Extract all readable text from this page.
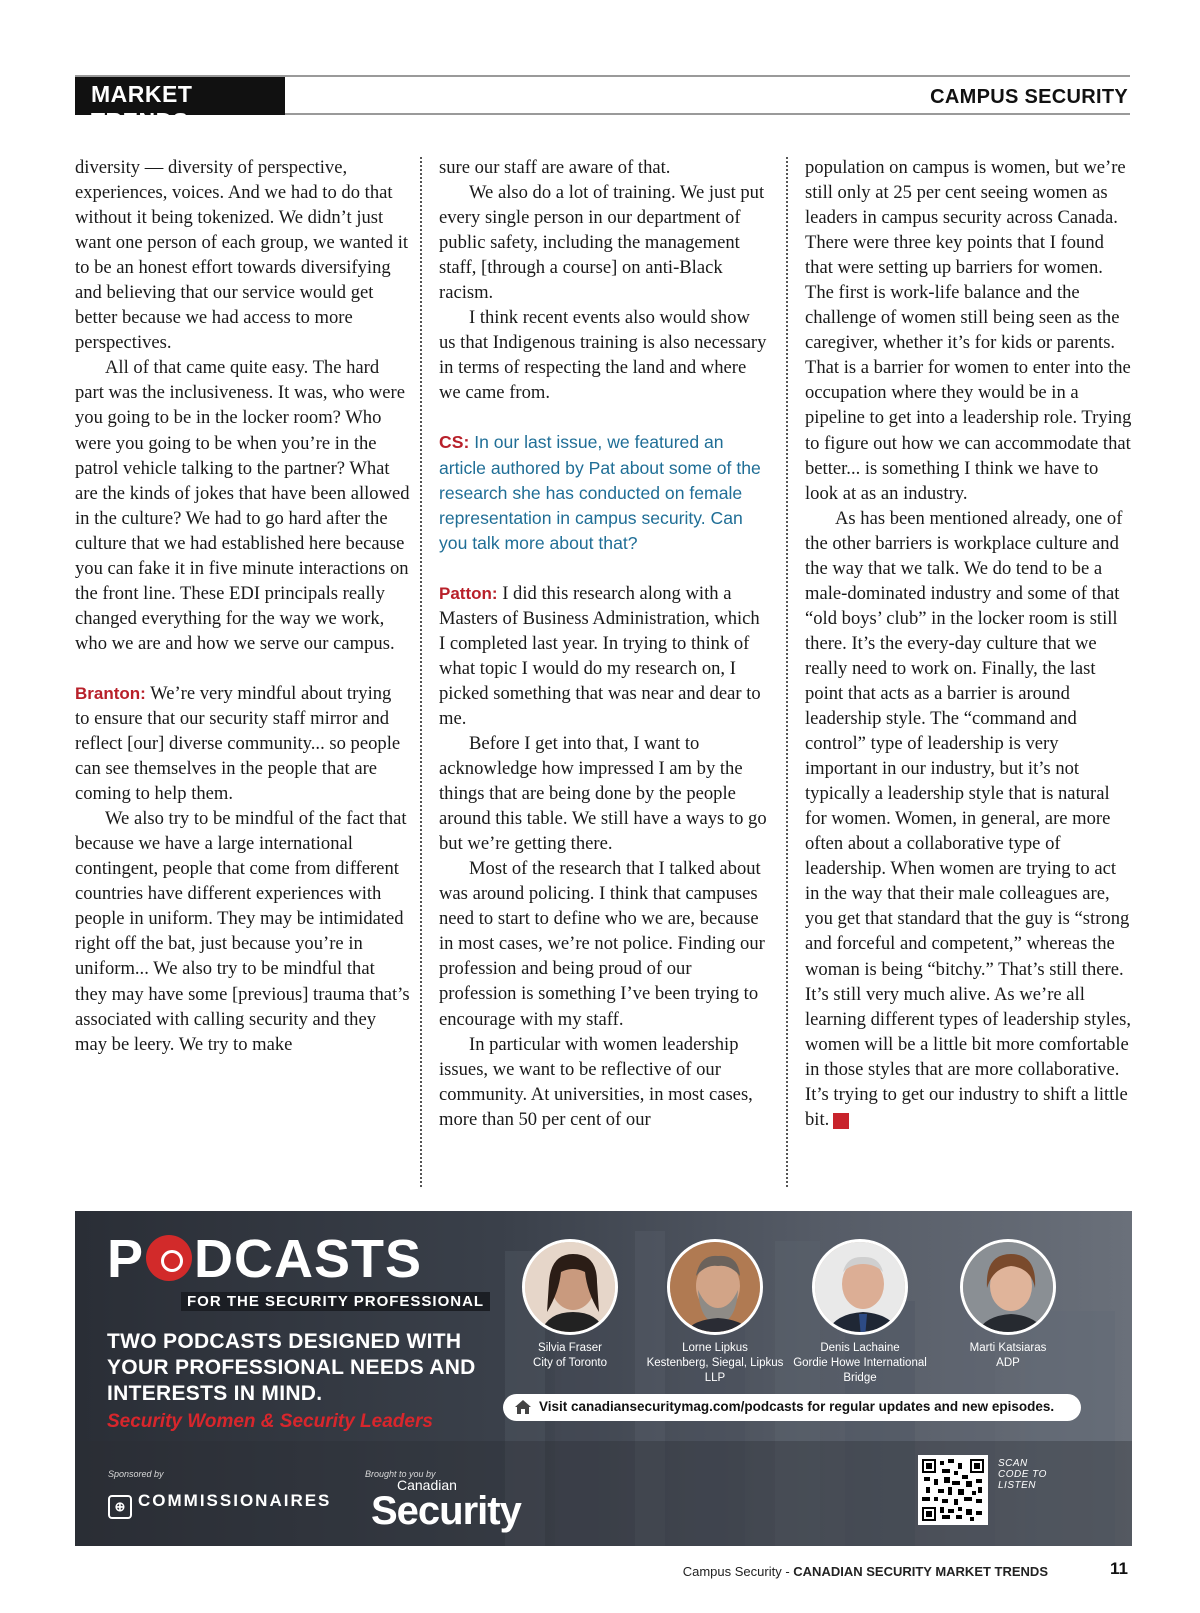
MARKET TRENDS
CAMPUS SECURITY

diversity — diversity of perspective, experiences, voices. And we had to do that without it being tokenized. We didn’t just want one person of each group, we wanted it to be an honest effort towards diversifying and believing that our service would get better because we had access to more perspectives.

All of that came quite easy. The hard part was the inclusiveness. It was, who were you going to be in the locker room? Who were you going to be when you’re in the patrol vehicle talking to the partner? What are the kinds of jokes that have been allowed in the culture? We had to go hard after the culture that we had established here because you can fake it in five minute interactions on the front line. These EDI principals really changed everything for the way we work, who we are and how we serve our campus.

Branton: We’re very mindful about trying to ensure that our security staff mirror and reflect [our] diverse community... so people can see themselves in the people that are coming to help them.

We also try to be mindful of the fact that because we have a large international contingent, people that come from different countries have different experiences with people in uniform. They may be intimidated right off the bat, just because you’re in uniform... We also try to be mindful that they may have some [previous] trauma that’s associated with calling security and they may be leery. We try to make

sure our staff are aware of that.

We also do a lot of training. We just put every single person in our department of public safety, including the management staff, [through a course] on anti-Black racism.

I think recent events also would show us that Indigenous training is also necessary in terms of respecting the land and where we came from.

CS: In our last issue, we featured an article authored by Pat about some of the research she has conducted on female representation in campus security. Can you talk more about that?

Patton: I did this research along with a Masters of Business Administration, which I completed last year. In trying to think of what topic I would do my research on, I picked something that was near and dear to me.

Before I get into that, I want to acknowledge how impressed I am by the things that are being done by the people around this table. We still have a ways to go but we’re getting there.

Most of the research that I talked about was around policing. I think that campuses need to start to define who we are, because in most cases, we’re not police. Finding our profession and being proud of our profession is something I’ve been trying to encourage with my staff.

In particular with women leadership issues, we want to be reflective of our community. At universities, in most cases, more than 50 per cent of our

population on campus is women, but we’re still only at 25 per cent seeing women as leaders in campus security across Canada. There were three key points that I found that were setting up barriers for women. The first is work-life balance and the challenge of women still being seen as the caregiver, whether it’s for kids or parents. That is a barrier for women to enter into the occupation where they would be in a pipeline to get into a leadership role. Trying to figure out how we can accommodate that better... is something I think we have to look at as an industry.

As has been mentioned already, one of the other barriers is workplace culture and the way that we talk. We do tend to be a male-dominated industry and some of that “old boys’ club” in the locker room is still there. It’s the every-day culture that we really need to work on. Finally, the last point that acts as a barrier is around leadership style. The “command and control” type of leadership is very important in our industry, but it’s not typically a leadership style that is natural for women. Women, in general, are more often about a collaborative type of leadership. When women are trying to act in the way that their male colleagues are, you get that standard that the guy is “strong and forceful and competent,” whereas the woman is being “bitchy.” That’s still there. It’s still very much alive. As we’re all learning different types of leadership styles, women will be a little bit more comfortable in those styles that are more collaborative. It’s trying to get our industry to shift a little bit.	CS

P DCASTS
FOR THE SECURITY PROFESSIONAL
TWO PODCASTS DESIGNED WITH YOUR PROFESSIONAL NEEDS AND INTERESTS IN MIND.
Security Women & Security Leaders
Sponsored by
⊕ COMMISSIONAIRES
Brought to you by
Canadian
Security
Silvia Fraser
City of Toronto
Lorne Lipkus
Kestenberg, Siegal, Lipkus LLP
Denis Lachaine
Gordie Howe International Bridge
Marti Katsiaras
ADP
Visit canadiansecuritymag.com/podcasts for regular updates and new episodes.
SCAN CODE TO LISTEN
Campus Security - CANADIAN SECURITY MARKET TRENDS	11
